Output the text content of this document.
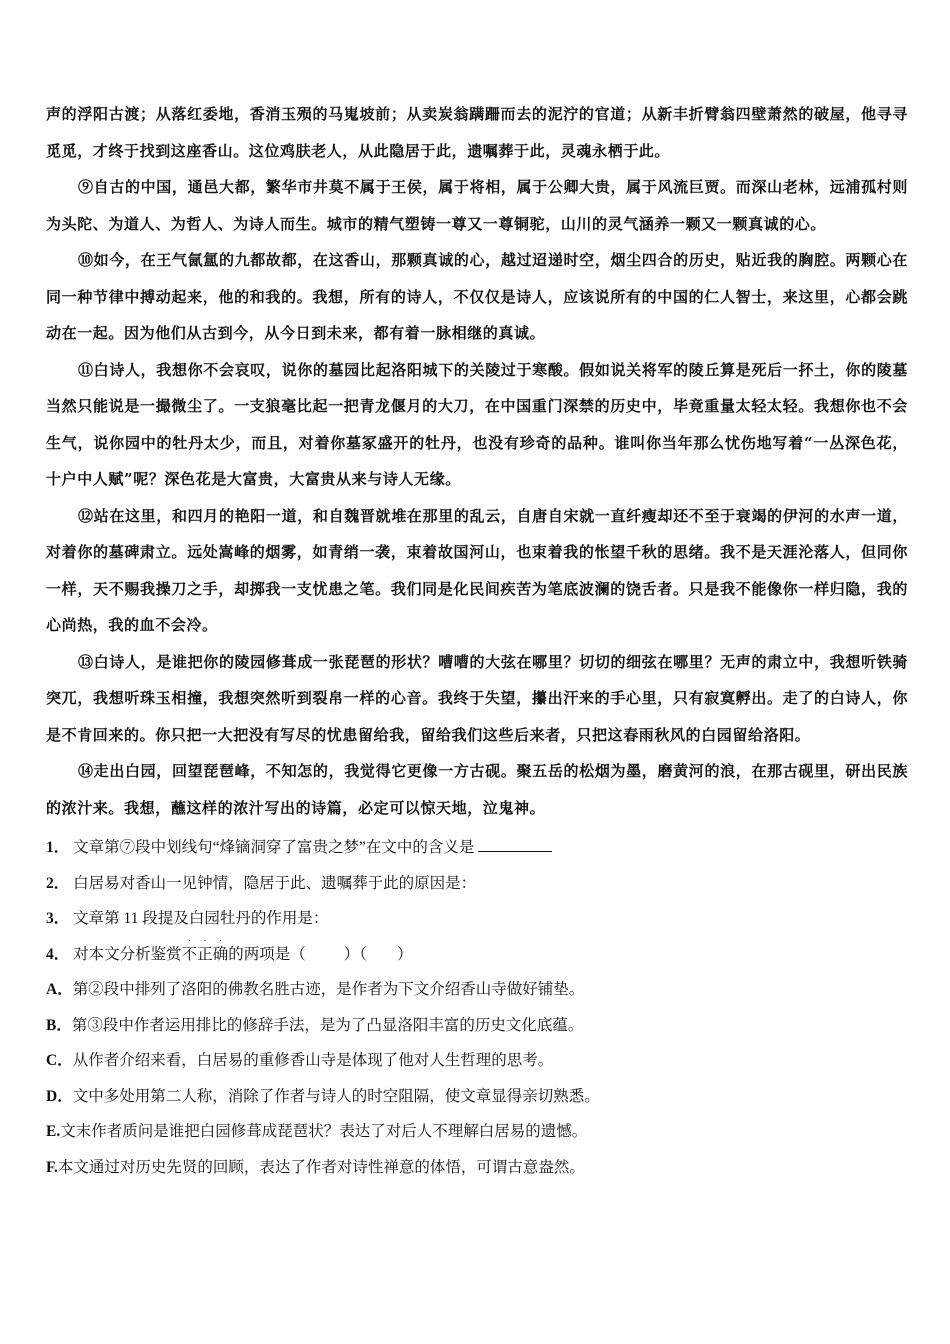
声的浮阳古渡；从落红委地，香消玉殒的马嵬坡前；从卖炭翁蹒跚而去的泥泞的官道；从新丰折臂翁四壁萧然的破屋，他寻寻觅觅，才终于找到这座香山。这位鸡肤老人，从此隐居于此，遗嘱葬于此，灵魂永栖于此。

⑨自古的中国，通邑大都，繁华市井莫不属于王侯，属于将相，属于公卿大贵，属于风流巨贾。而深山老林，远浦孤村则为头陀、为道人、为哲人、为诗人而生。城市的精气塑铸一尊又一尊铜驼，山川的灵气涵养一颗又一颗真诚的心。

⑩如今，在王气氤氲的九都故都，在这香山，那颗真诚的心，越过迢递时空，烟尘四合的历史，贴近我的胸腔。两颗心在同一种节律中搏动起来，他的和我的。我想，所有的诗人，不仅仅是诗人，应该说所有的中国的仁人智士，来这里，心都会跳动在一起。因为他们从古到今，从今日到未来，都有着一脉相继的真诚。

⑪白诗人，我想你不会哀叹，说你的墓园比起洛阳城下的关陵过于寒酸。假如说关将军的陵丘算是死后一抔土，你的陵墓当然只能说是一撮微尘了。一支狼毫比起一把青龙偃月的大刀，在中国重门深禁的历史中，毕竟重量太轻太轻。我想你也不会生气，说你园中的牡丹太少，而且，对着你墓冢盛开的牡丹，也没有珍奇的品种。谁叫你当年那么忧伤地写着“一丛深色花，十户中人赋”呢？深色花是大富贵，大富贵从来与诗人无缘。

⑫站在这里，和四月的艳阳一道，和自魏晋就堆在那里的乱云，自唐自宋就一直纤瘦却还不至于衰竭的伊河的水声一道，对着你的墓碑肃立。远处嵩峰的烟雾，如青绡一袭，束着故国河山，也束着我的怅望千秋的思绪。我不是天涯沦落人，但同你一样，天不赐我操刀之手，却掷我一支忧患之笔。我们同是化民间疾苦为笔底波澜的饶舌者。只是我不能像你一样归隐，我的心尚热，我的血不会冷。

⑬白诗人，是谁把你的陵园修葺成一张琵琶的形状？嘈嘈的大弦在哪里？切切的细弦在哪里？无声的肃立中，我想听铁骑突兀，我想听珠玉相撞，我想突然听到裂帛一样的心音。我终于失望，攥出汗来的手心里，只有寂寞孵出。走了的白诗人，你是不肯回来的。你只把一大把没有写尽的忧患留给我，留给我们这些后来者，只把这春雨秋风的白园留给洛阳。

⑭走出白园，回望琵琶峰，不知怎的，我觉得它更像一方古砚。聚五岳的松烟为墨，磨黄河的浪，在那古砚里，研出民族的浓汁来。我想，蘸这样的浓汁写出的诗篇，必定可以惊天地，泣鬼神。

1． 文章第⑦段中划线句“烽镝洞穿了富贵之梦”在文中的含义是

2． 白居易对香山一见钟情，隐居于此、遗嘱葬于此的原因是：

3． 文章第 11 段提及白园牡丹的作用是：

4． 对本文分析鉴赏
·
不
·
正
·
确的两项是（ ）（ ）

A．第②段中排列了洛阳的佛教名胜古迹，是作者为下文介绍香山寺做好铺垫。

B．第③段中作者运用排比的修辞手法，是为了凸显洛阳丰富的历史文化底蕴。

C．从作者介绍来看，白居易的重修香山寺是体现了他对人生哲理的思考。

D．文中多处用第二人称，消除了作者与诗人的时空阻隔，使文章显得亲切熟悉。

E.文末作者质问是谁把白园修葺成琵琶状？表达了对后人不理解白居易的遗憾。

F.本文通过对历史先贤的回顾，表达了作者对诗性禅意的体悟，可谓古意盎然。
